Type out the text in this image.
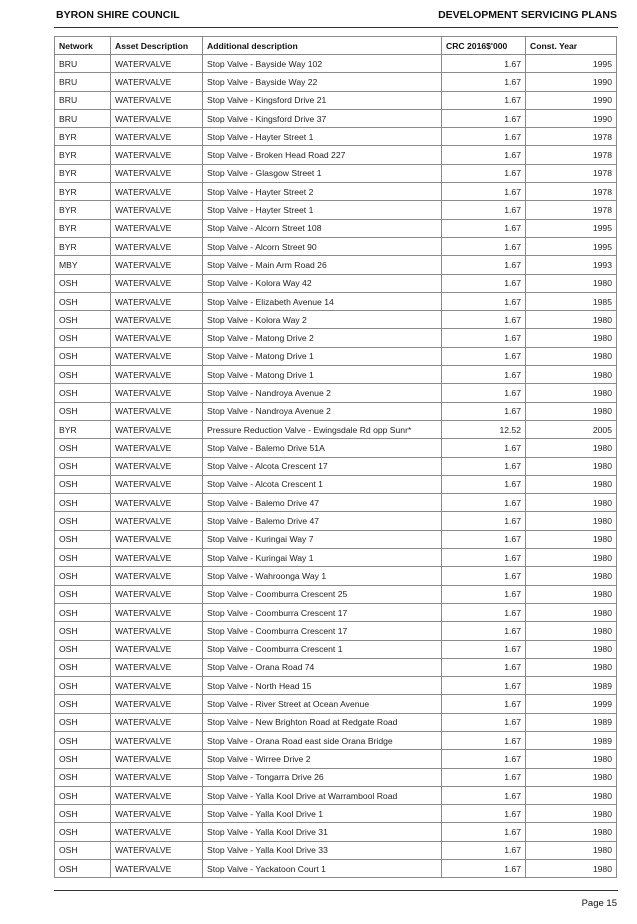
BYRON SHIRE COUNCIL	DEVELOPMENT SERVICING PLANS
Network	Asset Description	Additional description	CRC 2016$'000	Const. Year
BRU	WATERVALVE	Stop Valve - Bayside Way 102	1.67	1995
BRU	WATERVALVE	Stop Valve - Bayside Way 22	1.67	1990
BRU	WATERVALVE	Stop Valve - Kingsford Drive 21	1.67	1990
BRU	WATERVALVE	Stop Valve - Kingsford Drive 37	1.67	1990
BYR	WATERVALVE	Stop Valve - Hayter Street 1	1.67	1978
BYR	WATERVALVE	Stop Valve - Broken Head Road 227	1.67	1978
BYR	WATERVALVE	Stop Valve - Glasgow Street 1	1.67	1978
BYR	WATERVALVE	Stop Valve - Hayter Street 2	1.67	1978
BYR	WATERVALVE	Stop Valve - Hayter Street 1	1.67	1978
BYR	WATERVALVE	Stop Valve - Alcorn Street 108	1.67	1995
BYR	WATERVALVE	Stop Valve - Alcorn Street 90	1.67	1995
MBY	WATERVALVE	Stop Valve - Main Arm Road 26	1.67	1993
OSH	WATERVALVE	Stop Valve - Kolora Way 42	1.67	1980
OSH	WATERVALVE	Stop Valve - Elizabeth Avenue 14	1.67	1985
OSH	WATERVALVE	Stop Valve - Kolora Way 2	1.67	1980
OSH	WATERVALVE	Stop Valve - Matong Drive 2	1.67	1980
OSH	WATERVALVE	Stop Valve - Matong Drive 1	1.67	1980
OSH	WATERVALVE	Stop Valve - Matong Drive 1	1.67	1980
OSH	WATERVALVE	Stop Valve - Nandroya Avenue 2	1.67	1980
OSH	WATERVALVE	Stop Valve - Nandroya Avenue 2	1.67	1980
BYR	WATERVALVE	Pressure Reduction Valve - Ewingsdale Rd opp Sunr*	12.52	2005
OSH	WATERVALVE	Stop Valve - Balemo Drive 51A	1.67	1980
OSH	WATERVALVE	Stop Valve - Alcota Crescent 17	1.67	1980
OSH	WATERVALVE	Stop Valve - Alcota Crescent 1	1.67	1980
OSH	WATERVALVE	Stop Valve - Balemo Drive 47	1.67	1980
OSH	WATERVALVE	Stop Valve - Balemo Drive 47	1.67	1980
OSH	WATERVALVE	Stop Valve - Kuringai Way 7	1.67	1980
OSH	WATERVALVE	Stop Valve - Kuringai Way 1	1.67	1980
OSH	WATERVALVE	Stop Valve - Wahroonga Way 1	1.67	1980
OSH	WATERVALVE	Stop Valve - Coomburra Crescent 25	1.67	1980
OSH	WATERVALVE	Stop Valve - Coomburra Crescent 17	1.67	1980
OSH	WATERVALVE	Stop Valve - Coomburra Crescent 17	1.67	1980
OSH	WATERVALVE	Stop Valve - Coomburra Crescent 1	1.67	1980
OSH	WATERVALVE	Stop Valve - Orana Road 74	1.67	1980
OSH	WATERVALVE	Stop Valve - North Head 15	1.67	1989
OSH	WATERVALVE	Stop Valve - River Street at Ocean Avenue	1.67	1999
OSH	WATERVALVE	Stop Valve - New Brighton Road at Redgate Road	1.67	1989
OSH	WATERVALVE	Stop Valve - Orana Road east side Orana Bridge	1.67	1989
OSH	WATERVALVE	Stop Valve - Wirree Drive 2	1.67	1980
OSH	WATERVALVE	Stop Valve - Tongarra Drive 26	1.67	1980
OSH	WATERVALVE	Stop Valve - Yalla Kool Drive at Warrambool Road	1.67	1980
OSH	WATERVALVE	Stop Valve - Yalla Kool Drive 1	1.67	1980
OSH	WATERVALVE	Stop Valve - Yalla Kool Drive 31	1.67	1980
OSH	WATERVALVE	Stop Valve - Yalla Kool Drive 33	1.67	1980
OSH	WATERVALVE	Stop Valve - Yackatoon Court 1	1.67	1980
Page 15
